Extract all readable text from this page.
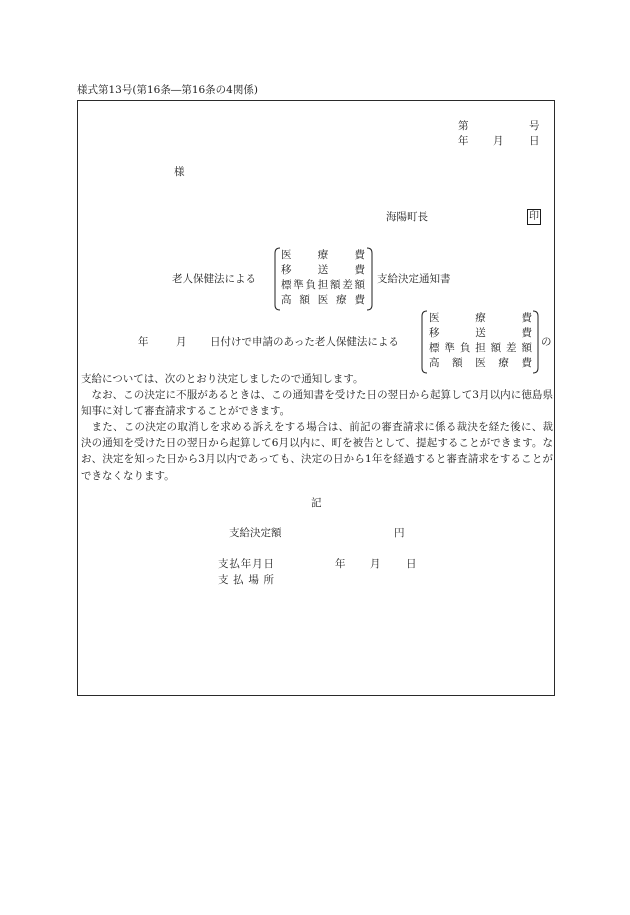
様式第13号(第16条―第16条の4関係)
第	号
年 月 日
様
海陽町長	印
老人保健法による
医	療	費
移	送	費
標 準 負 担 額 差 額
高 額 医 療 費
支給決定通知書
年	月 日付けで申請のあった老人保健法による
医	療	費
移	送	費
標 準 負 担 額 差 額
高 額 医 療 費
の
支給については、次のとおり決定しましたので通知します。
なお、この決定に不服があるときは、この通知書を受けた日の翌日から起算して3月以内に徳島県知事に対して審査請求することができます。
また、この決定の取消しを求める訴えをする場合は、前記の審査請求に係る裁決を経た後に、裁決の通知を受けた日の翌日から起算して6月以内に、町を被告として、提起することができます。なお、決定を知った日から3月以内であっても、決定の日から1年を経過すると審査請求をすることができなくなります。
記
支給決定額	円
支 払 年 月 日	年 月 日
支 払 場 所
